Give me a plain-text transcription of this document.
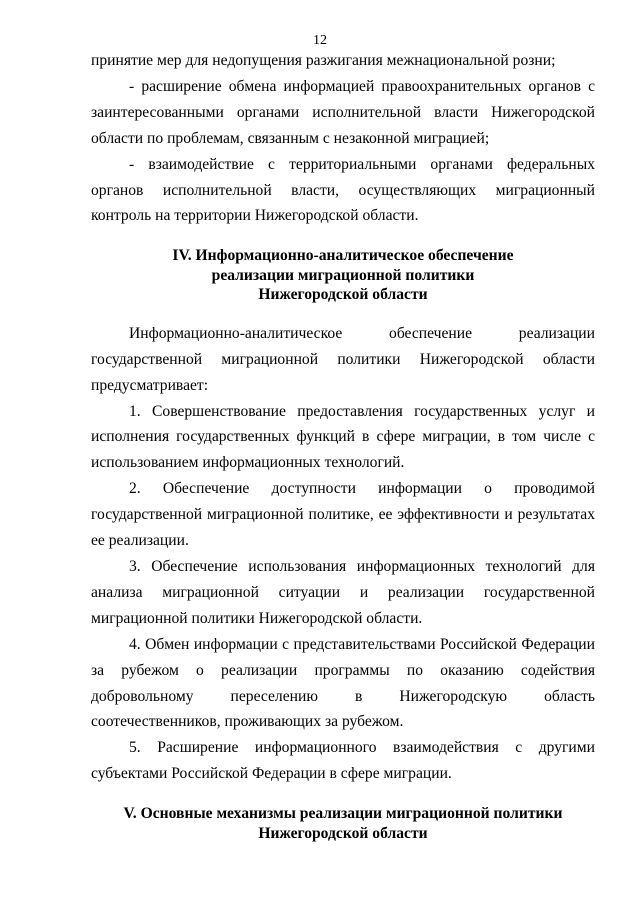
12

принятие мер для недопущения разжигания межнациональной розни;

- расширение обмена информацией правоохранительных органов с заинтересованными органами исполнительной власти Нижегородской области по проблемам, связанным с незаконной миграцией;

- взаимодействие с территориальными органами федеральных органов исполнительной власти, осуществляющих миграционный контроль на территории Нижегородской области.

IV. Информационно-аналитическое обеспечение
реализации миграционной политики
Нижегородской области

Информационно-аналитическое обеспечение реализации государственной миграционной политики Нижегородской области предусматривает:

1. Совершенствование предоставления государственных услуг и исполнения государственных функций в сфере миграции, в том числе с использованием информационных технологий.

2. Обеспечение доступности информации о проводимой государственной миграционной политике, ее эффективности и результатах ее реализации.

3. Обеспечение использования информационных технологий для анализа миграционной ситуации и реализации государственной миграционной политики Нижегородской области.

4. Обмен информации с представительствами Российской Федерации за рубежом о реализации программы по оказанию содействия добровольному переселению в Нижегородскую область соотечественников, проживающих за рубежом.

5. Расширение информационного взаимодействия с другими субъектами Российской Федерации в сфере миграции.

V. Основные механизмы реализации миграционной политики
Нижегородской области
